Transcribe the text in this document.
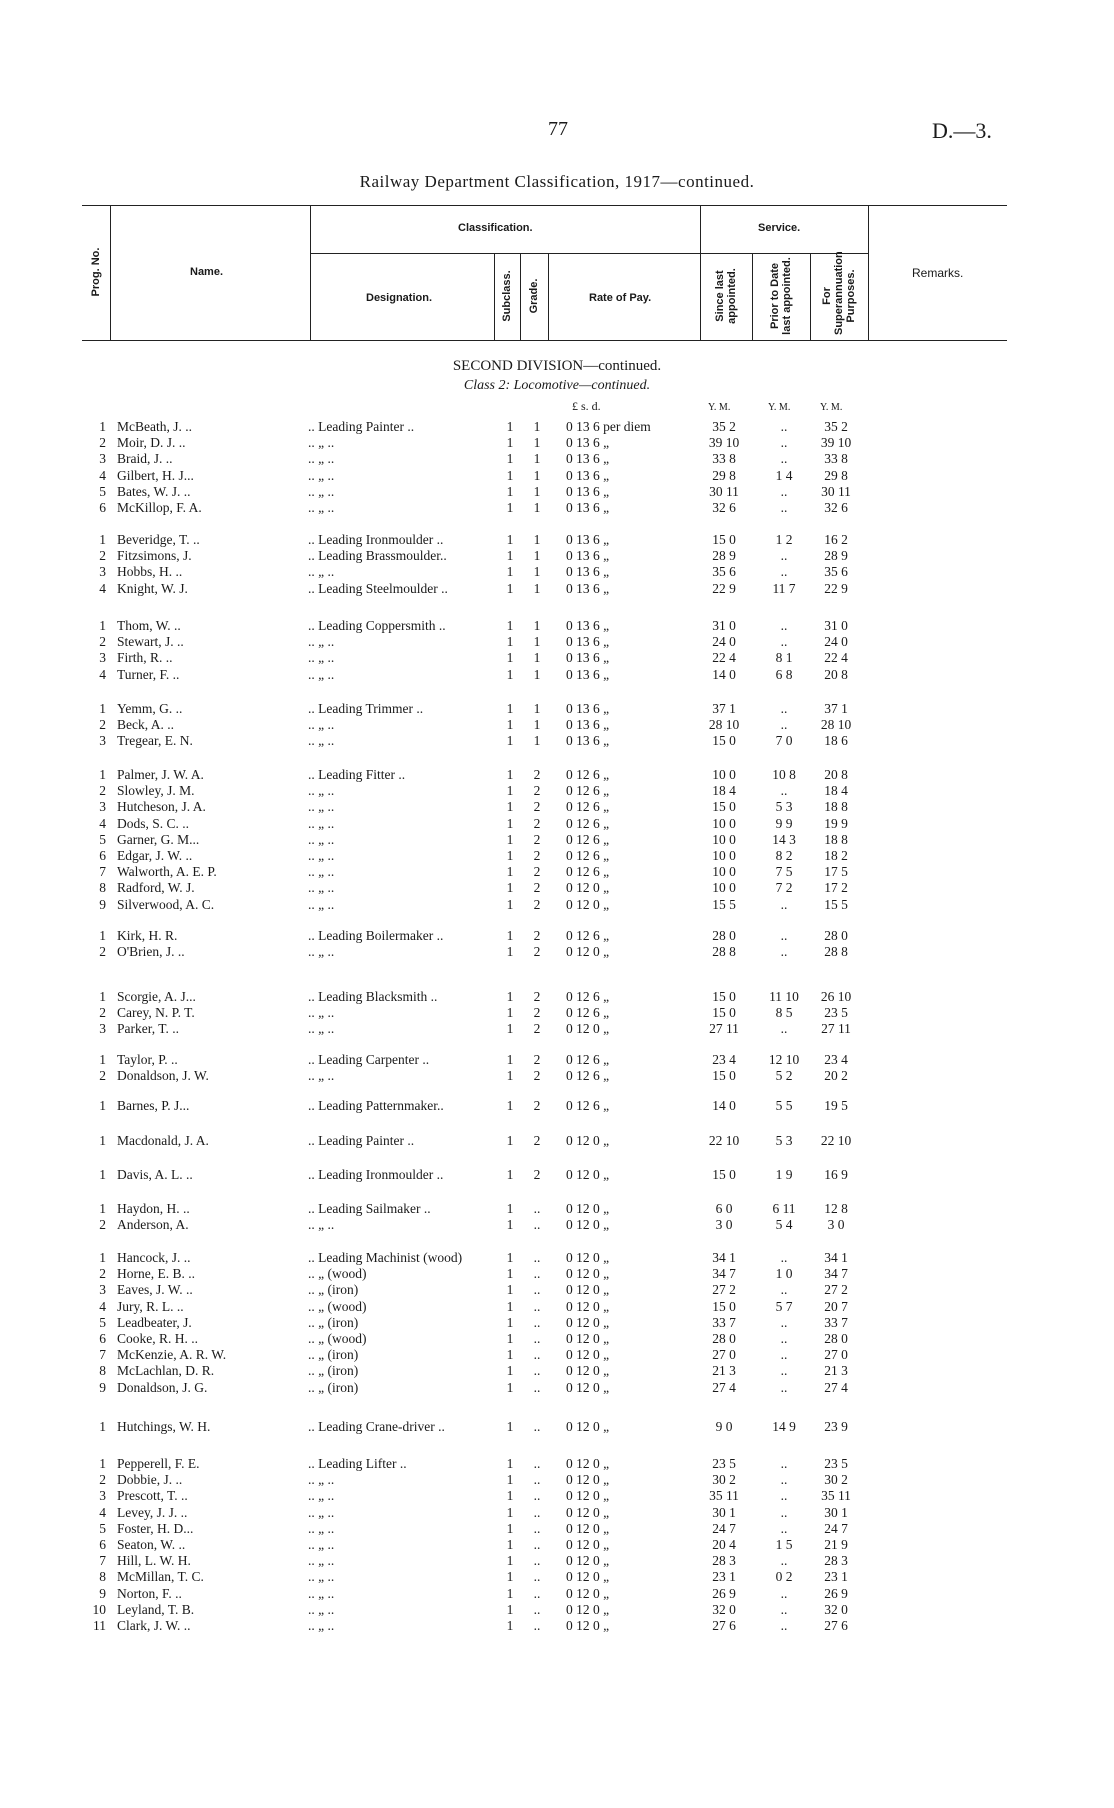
77	D.—3.
Railway Department Classification, 1917—continued.
Prog. No.	Name.
Classification.
Designation.	Subclass. Grade.	Rate of Pay.
Service.
Since last appointed.	Prior to Date last appointed.	For Superannuation Purposes.	Remarks.
SECOND DIVISION—continued.
Class 2: Locomotive—continued.
£ s. d.	Y. M.	Y. M.	Y. M.
1 McBeath, J. ..	.. Leading Painter ..	1 1 0 13 6 per diem	35 2	..	35 2
2 Moir, D. J. ..	.. „ ..	1 1 0 13 6 „	39 10	..	39 10
3 Braid, J. ..	.. „ ..	1 1 0 13 6 „	33 8	..	33 8
4 Gilbert, H. J...	.. „ ..	1 1 0 13 6 „	29 8	1 4	29 8
5 Bates, W. J. ..	.. „ ..	1 1 0 13 6 „	30 11	..	30 11
6 McKillop, F. A.	.. „ ..	1 1 0 13 6 „	32 6	..	32 6
1 Beveridge, T. ..	.. Leading Ironmoulder ..	1 1 0 13 6 „	15 0	1 2	16 2
2 Fitzsimons, J.	.. Leading Brassmoulder..	1 1 0 13 6 „	28 9	..	28 9
3 Hobbs, H. ..	.. „ ..	1 1 0 13 6 „	35 6	..	35 6
4 Knight, W. J.	.. Leading Steelmoulder ..	1 1 0 13 6 „	22 9	11 7	22 9
1 Thom, W. ..	.. Leading Coppersmith ..	1 1 0 13 6 „	31 0	..	31 0
2 Stewart, J. ..	.. „ ..	1 1 0 13 6 „	24 0	..	24 0
3 Firth, R. ..	.. „ ..	1 1 0 13 6 „	22 4	8 1	22 4
4 Turner, F. ..	.. „ ..	1 1 0 13 6 „	14 0	6 8	20 8
1 Yemm, G. ..	.. Leading Trimmer ..	1 1 0 13 6 „	37 1	..	37 1
2 Beck, A. ..	.. „ ..	1 1 0 13 6 „	28 10	..	28 10
3 Tregear, E. N.	.. „ ..	1 1 0 13 6 „	15 0	7 0	18 6
1 Palmer, J. W. A.	.. Leading Fitter ..	1 2 0 12 6 „	10 0	10 8	20 8
2 Slowley, J. M.	.. „ ..	1 2 0 12 6 „	18 4	..	18 4
3 Hutcheson, J. A.	.. „ ..	1 2 0 12 6 „	15 0	5 3	18 8
4 Dods, S. C. ..	.. „ ..	1 2 0 12 6 „	10 0	9 9	19 9
5 Garner, G. M...	.. „ ..	1 2 0 12 6 „	10 0	14 3	18 8
6 Edgar, J. W. ..	.. „ ..	1 2 0 12 6 „	10 0	8 2	18 2
7 Walworth, A. E. P.	.. „ ..	1 2 0 12 6 „	10 0	7 5	17 5
8 Radford, W. J.	.. „ ..	1 2 0 12 0 „	10 0	7 2	17 2
9 Silverwood, A. C.	.. „ ..	1 2 0 12 0 „	15 5	..	15 5
1 Kirk, H. R.	.. Leading Boilermaker ..	1 2 0 12 6 „	28 0	..	28 0
2 O'Brien, J. ..	.. „ ..	1 2 0 12 0 „	28 8	..	28 8
1 Scorgie, A. J...	.. Leading Blacksmith ..	1 2 0 12 6 „	15 0	11 10	26 10
2 Carey, N. P. T.	.. „ ..	1 2 0 12 6 „	15 0	8 5	23 5
3 Parker, T. ..	.. „ ..	1 2 0 12 0 „	27 11	..	27 11
1 Taylor, P. ..	.. Leading Carpenter ..	1 2 0 12 6 „	23 4	12 10	23 4
2 Donaldson, J. W.	.. „ ..	1 2 0 12 6 „	15 0	5 2	20 2
1 Barnes, P. J...	.. Leading Patternmaker..	1 2 0 12 6 „	14 0	5 5	19 5
1 Macdonald, J. A.	.. Leading Painter ..	1 2 0 12 0 „	22 10	5 3	22 10
1 Davis, A. L. ..	.. Leading Ironmoulder ..	1 2 0 12 0 „	15 0	1 9	16 9
1 Haydon, H. ..	.. Leading Sailmaker ..	1 .. 0 12 0 „	6 0	6 11	12 8
2 Anderson, A.	.. „ ..	1 .. 0 12 0 „	3 0	5 4	3 0
1 Hancock, J. ..	.. Leading Machinist (wood)	1 .. 0 12 0 „	34 1	..	34 1
2 Horne, E. B. ..	.. „ (wood)	1 .. 0 12 0 „	34 7	1 0	34 7
3 Eaves, J. W. ..	.. „ (iron)	1 .. 0 12 0 „	27 2	..	27 2
4 Jury, R. L. ..	.. „ (wood)	1 .. 0 12 0 „	15 0	5 7	20 7
5 Leadbeater, J.	.. „ (iron)	1 .. 0 12 0 „	33 7	..	33 7
6 Cooke, R. H. ..	.. „ (wood)	1 .. 0 12 0 „	28 0	..	28 0
7 McKenzie, A. R. W.	.. „ (iron)	1 .. 0 12 0 „	27 0	..	27 0
8 McLachlan, D. R.	.. „ (iron)	1 .. 0 12 0 „	21 3	..	21 3
9 Donaldson, J. G.	.. „ (iron)	1 .. 0 12 0 „	27 4	..	27 4
1 Hutchings, W. H.	.. Leading Crane-driver ..	1 .. 0 12 0 „	9 0	14 9	23 9
1 Pepperell, F. E.	.. Leading Lifter ..	1 .. 0 12 0 „	23 5	..	23 5
2 Dobbie, J. ..	.. „ ..	1 .. 0 12 0 „	30 2	..	30 2
3 Prescott, T. ..	.. „ ..	1 .. 0 12 0 „	35 11	..	35 11
4 Levey, J. J. ..	.. „ ..	1 .. 0 12 0 „	30 1	..	30 1
5 Foster, H. D...	.. „ ..	1 .. 0 12 0 „	24 7	..	24 7
6 Seaton, W. ..	.. „ ..	1 .. 0 12 0 „	20 4	1 5	21 9
7 Hill, L. W. H.	.. „ ..	1 .. 0 12 0 „	28 3	..	28 3
8 McMillan, T. C.	.. „ ..	1 .. 0 12 0 „	23 1	0 2	23 1
9 Norton, F. ..	.. „ ..	1 .. 0 12 0 „	26 9	..	26 9
10 Leyland, T. B.	.. „ ..	1 .. 0 12 0 „	32 0	..	32 0
11 Clark, J. W. ..	.. „ ..	1 .. 0 12 0 „	27 6	..	27 6
